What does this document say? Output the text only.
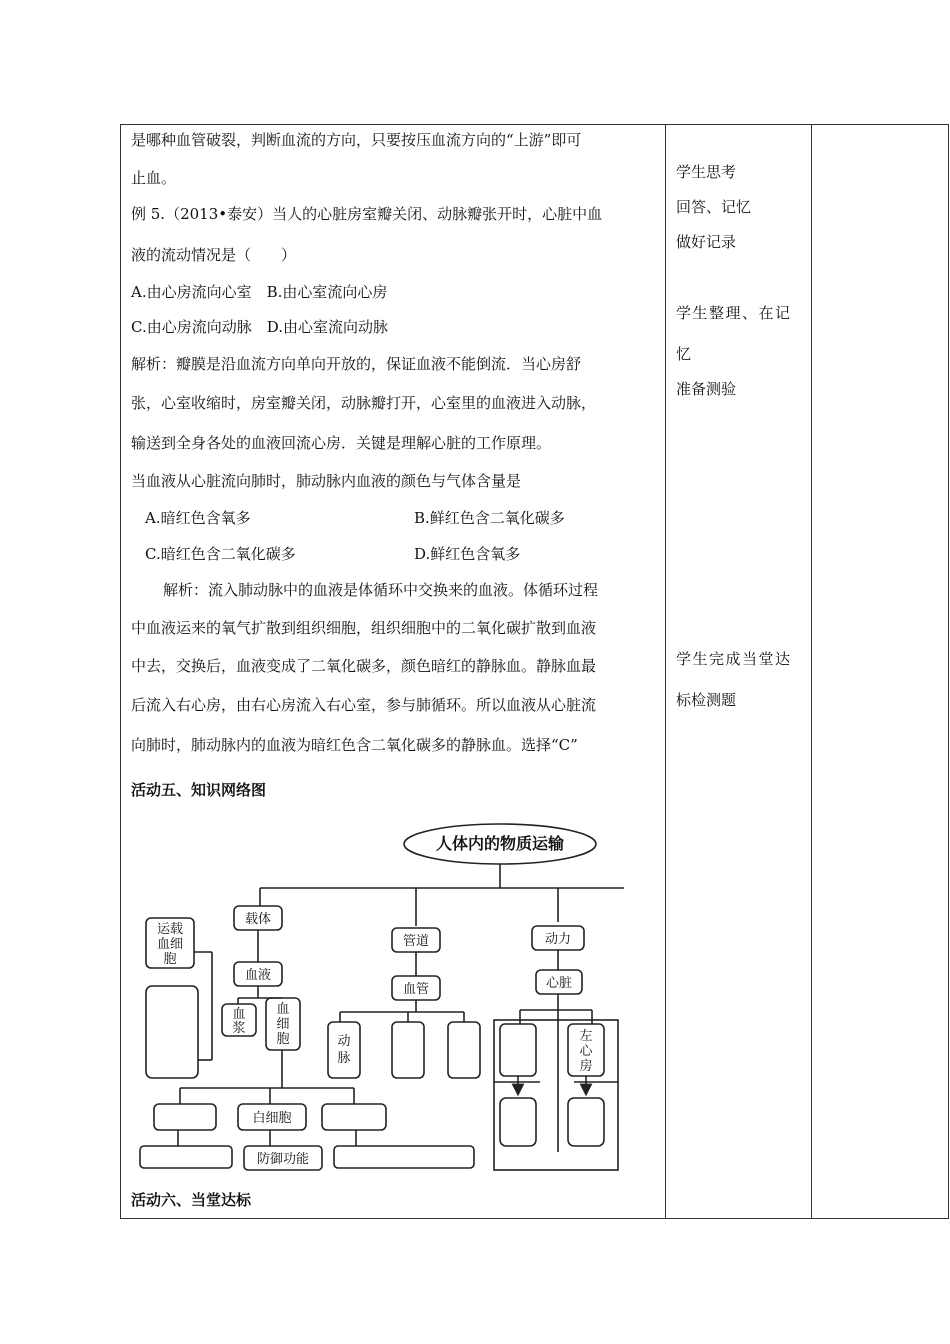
是哪种血管破裂，判断血流的方向，只要按压血流方向的“上游”即可
止血。
例 5.（2013•泰安）当人的心脏房室瓣关闭、动脉瓣张开时，心脏中血
液的流动情况是（　　）
A.由心房流向心室　B.由心室流向心房
C.由心房流向动脉　D.由心室流向动脉
解析：瓣膜是沿血流方向单向开放的，保证血液不能倒流．当心房舒
张，心室收缩时，房室瓣关闭，动脉瓣打开，心室里的血液进入动脉，
输送到全身各处的血液回流心房．关键是理解心脏的工作原理。
当血液从心脏流向肺时，肺动脉内血液的颜色与气体含量是
A.暗红色含氧多	B.鲜红色含二氧化碳多
C.暗红色含二氧化碳多	D.鲜红色含氧多
解析：流入肺动脉中的血液是体循环中交换来的血液。体循环过程
中血液运来的氧气扩散到组织细胞，组织细胞中的二氧化碳扩散到血液
中去，交换后，血液变成了二氧化碳多，颜色暗红的静脉血。静脉血最
后流入右心房，由右心房流入右心室，参与肺循环。所以血液从心脏流
向肺时，肺动脉内的血液为暗红色含二氧化碳多的静脉血。选择“C”
活动五、知识网络图
活动六、当堂达标
学生思考
回答、记忆
做好记录
学生整理、在记
忆
准备测验
学生完成当堂达
标检测题
人体内的物质运输
载体
血液
运载
血细
胞
血
浆
血
细
胞
白细胞
防御功能
管道
血管
动
脉
动力
心脏
左
心
房
